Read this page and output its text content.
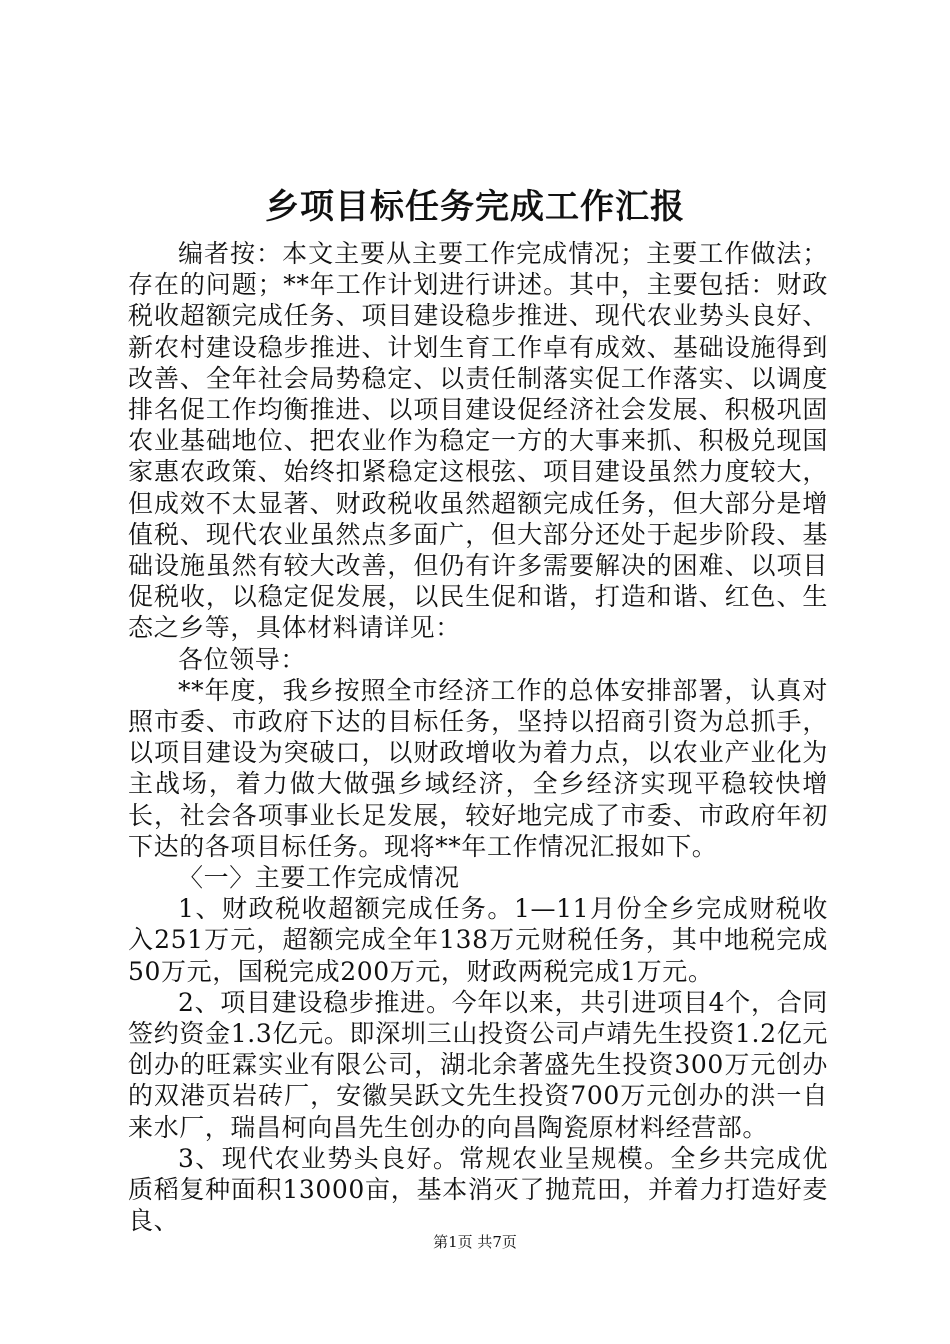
乡项目标任务完成工作汇报

编者按：本文主要从主要工作完成情况；主要工作做法；存在的问题；**年工作计划进行讲述。其中，主要包括：财政税收超额完成任务、项目建设稳步推进、现代农业势头良好、新农村建设稳步推进、计划生育工作卓有成效、基础设施得到改善、全年社会局势稳定、以责任制落实促工作落实、以调度排名促工作均衡推进、以项目建设促经济社会发展、积极巩固农业基础地位、把农业作为稳定一方的大事来抓、积极兑现国家惠农政策、始终扣紧稳定这根弦、项目建设虽然力度较大，但成效不太显著、财政税收虽然超额完成任务，但大部分是增值税、现代农业虽然点多面广，但大部分还处于起步阶段、基础设施虽然有较大改善，但仍有许多需要解决的困难、以项目促税收，以稳定促发展，以民生促和谐，打造和谐、红色、生态之乡等，具体材料请详见：

各位领导：

**年度，我乡按照全市经济工作的总体安排部署，认真对照市委、市政府下达的目标任务，坚持以招商引资为总抓手，以项目建设为突破口，以财政增收为着力点，以农业产业化为主战场，着力做大做强乡域经济，全乡经济实现平稳较快增长，社会各项事业长足发展，较好地完成了市委、市政府年初下达的各项目标任务。现将**年工作情况汇报如下。

〈一〉主要工作完成情况

1、财政税收超额完成任务。1—11月份全乡完成财税收入251万元，超额完成全年138万元财税任务，其中地税完成50万元，国税完成200万元，财政两税完成1万元。

2、项目建设稳步推进。今年以来，共引进项目4个，合同签约资金1.3亿元。即深圳三山投资公司卢靖先生投资1.2亿元创办的旺霖实业有限公司，湖北余著盛先生投资300万元创办的双港页岩砖厂，安徽吴跃文先生投资700万元创办的洪一自来水厂，瑞昌柯向昌先生创办的向昌陶瓷原材料经营部。

3、现代农业势头良好。常规农业呈规模。全乡共完成优质稻复种面积13000亩，基本消灭了抛荒田，并着力打造好麦良、

第1页 共7页
